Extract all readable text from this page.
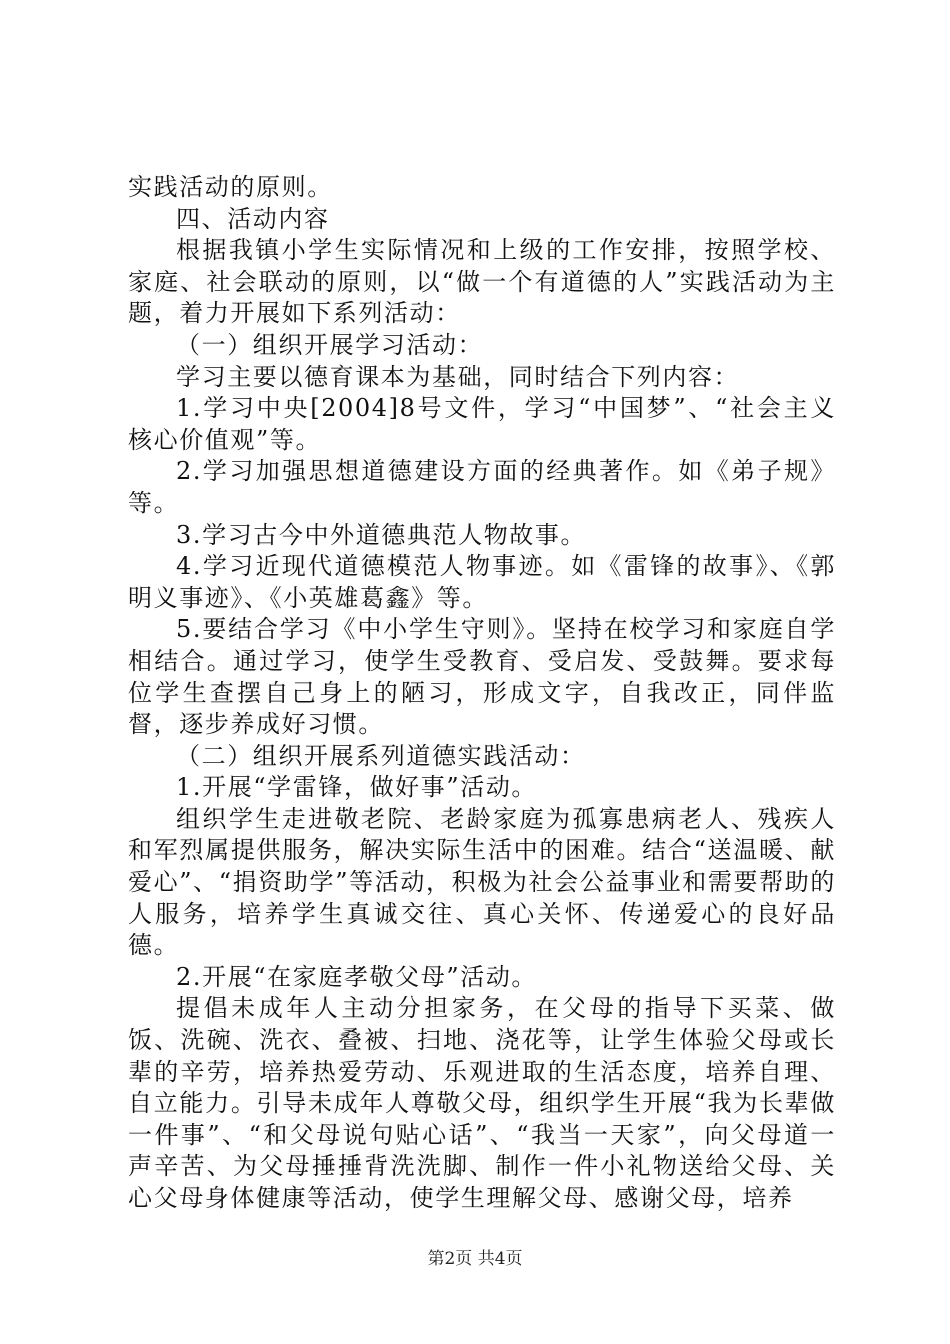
实践活动的原则。

四、活动内容

根据我镇小学生实际情况和上级的工作安排，按照学校、家庭、社会联动的原则，以“做一个有道德的人”实践活动为主题，着力开展如下系列活动：

（一）组织开展学习活动：

学习主要以德育课本为基础，同时结合下列内容：

1.学习中央[2004]8号文件，学习“中国梦”、“社会主义核心价值观”等。

2.学习加强思想道德建设方面的经典著作。如《弟子规》等。

3.学习古今中外道德典范人物故事。

4.学习近现代道德模范人物事迹。如《雷锋的故事》、《郭明义事迹》、《小英雄葛鑫》等。

5.要结合学习《中小学生守则》。坚持在校学习和家庭自学相结合。通过学习，使学生受教育、受启发、受鼓舞。要求每位学生查摆自己身上的陋习，形成文字，自我改正，同伴监督，逐步养成好习惯。

（二）组织开展系列道德实践活动：

1.开展“学雷锋，做好事”活动。

组织学生走进敬老院、老龄家庭为孤寡患病老人、残疾人和军烈属提供服务，解决实际生活中的困难。结合“送温暖、献爱心”、“捐资助学”等活动，积极为社会公益事业和需要帮助的人服务，培养学生真诚交往、真心关怀、传递爱心的良好品德。

2.开展“在家庭孝敬父母”活动。

提倡未成年人主动分担家务，在父母的指导下买菜、做饭、洗碗、洗衣、叠被、扫地、浇花等，让学生体验父母或长辈的辛劳，培养热爱劳动、乐观进取的生活态度，培养自理、自立能力。引导未成年人尊敬父母，组织学生开展“我为长辈做一件事”、“和父母说句贴心话”、“我当一天家”，向父母道一声辛苦、为父母捶捶背洗洗脚、制作一件小礼物送给父母、关心父母身体健康等活动，使学生理解父母、感谢父母，培养

第2页 共4页
